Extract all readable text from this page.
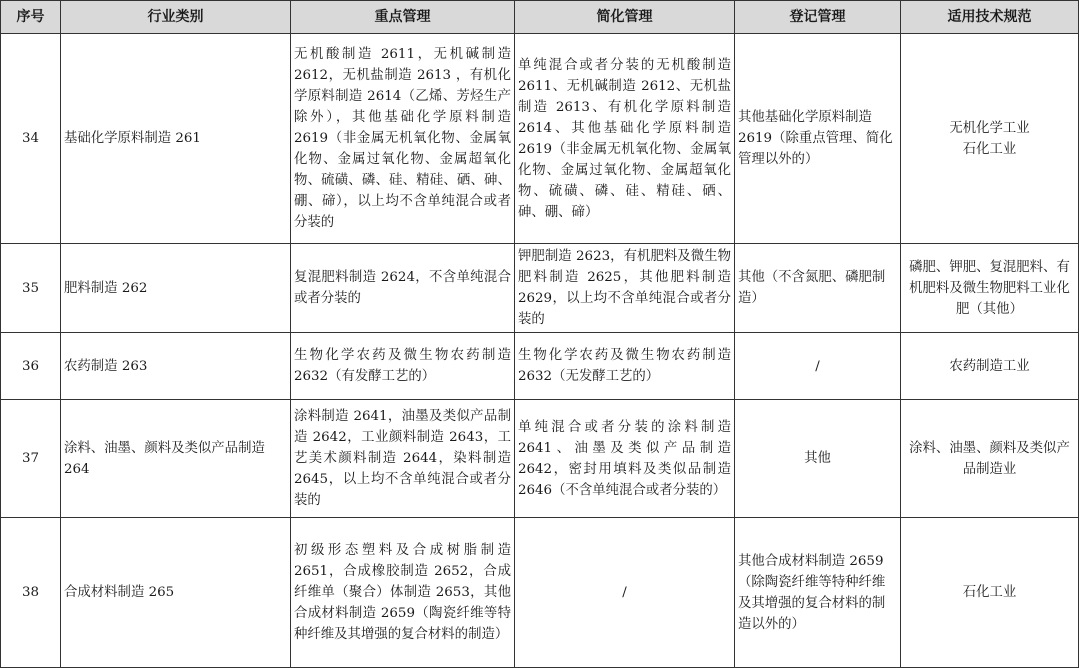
序号	行业类别	重点管理	简化管理	登记管理	适用技术规范
34	基础化学原料制造 261	无机酸制造 2611，无机碱制造 2612，无机盐制造 2613 ，有机化学原料制造 2614（乙烯、芳烃生产除外），其他基础化学原料制造 2619（非金属无机氧化物、金属氧化物、金属过氧化物、金属超氧化物、硫磺、磷、硅、精硅、硒、砷、硼、碲），以上均不含单纯混合或者分装的	单纯混合或者分装的无机酸制造 2611、无机碱制造 2612、无机盐制造 2613、有机化学原料制造 2614、其他基础化学原料制造 2619（非金属无机氧化物、金属氧化物、金属过氧化物、金属超氧化物、硫磺、磷、硅、精硅、硒、砷、硼、碲）	其他基础化学原料制造 2619（除重点管理、简化管理以外的）	无机化学工业
石化工业
35	肥料制造 262	复混肥料制造 2624，不含单纯混合或者分装的	钾肥制造 2623，有机肥料及微生物肥料制造 2625，其他肥料制造 2629，以上均不含单纯混合或者分装的	其他（不含氮肥、磷肥制造）	磷肥、钾肥、复混肥料、有机肥料及微生物肥料工业化肥（其他）
36	农药制造 263	生物化学农药及微生物农药制造 2632（有发酵工艺的）	生物化学农药及微生物农药制造 2632（无发酵工艺的）	/	农药制造工业
37	涂料、油墨、颜料及类似产品制造 264	涂料制造 2641，油墨及类似产品制造 2642，工业颜料制造 2643，工艺美术颜料制造 2644，染料制造 2645，以上均不含单纯混合或者分装的	单纯混合或者分装的涂料制造 2641、油墨及类似产品制造 2642，密封用填料及类似品制造 2646（不含单纯混合或者分装的）	其他	涂料、油墨、颜料及类似产品制造业
38	合成材料制造 265	初级形态塑料及合成树脂制造 2651，合成橡胶制造 2652，合成纤维单（聚合）体制造 2653，其他合成材料制造 2659（陶瓷纤维等特种纤维及其增强的复合材料的制造）	/	其他合成材料制造 2659（除陶瓷纤维等特种纤维及其增强的复合材料的制造以外的）	石化工业
